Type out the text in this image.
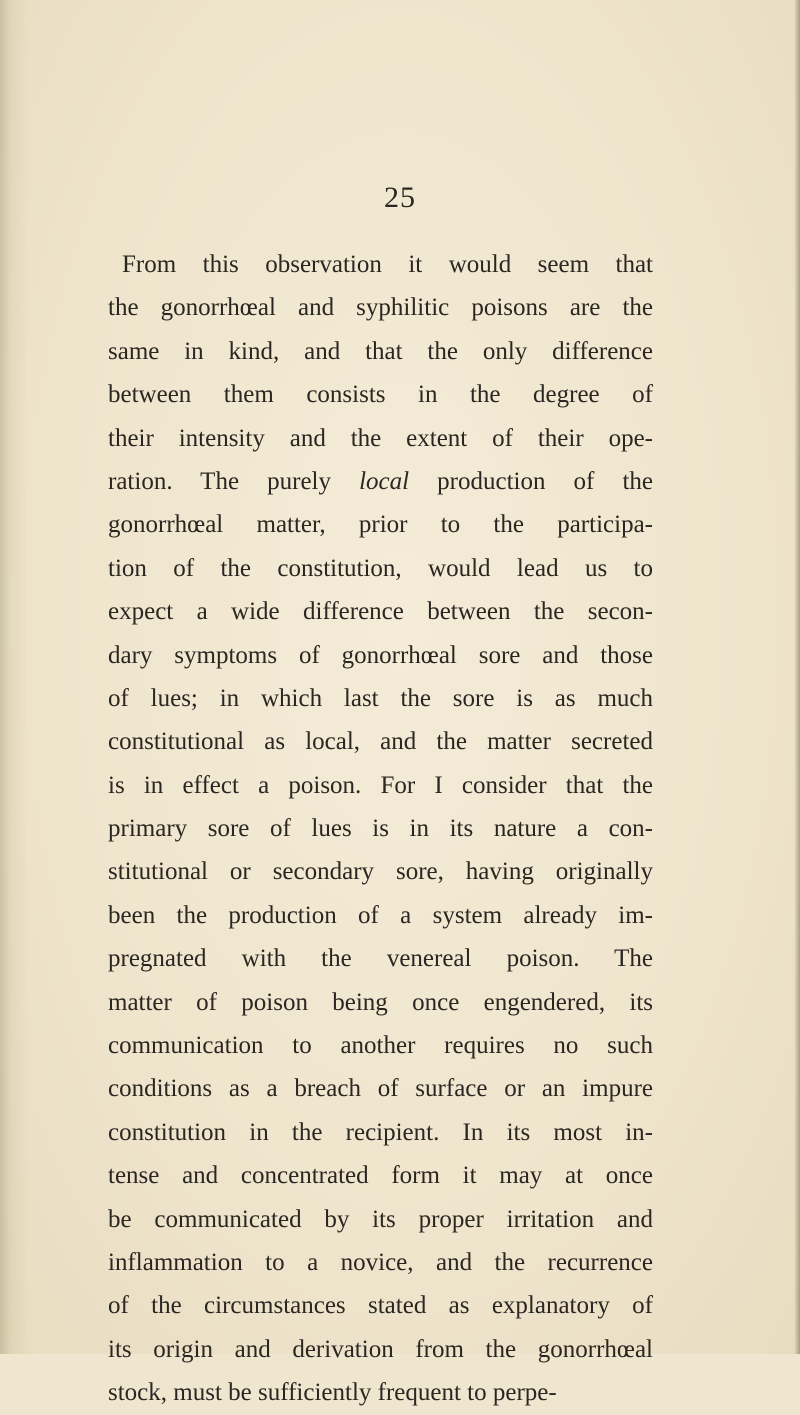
25

From this observation it would seem that
the gonorrhœal and syphilitic poisons are the
same in kind, and that the only difference
between them consists in the degree of
their intensity and the extent of their ope-
ration. The purely local production of the
gonorrhœal matter, prior to the participa-
tion of the constitution, would lead us to
expect a wide difference between the secon-
dary symptoms of gonorrhœal sore and those
of lues; in which last the sore is as much
constitutional as local, and the matter secreted
is in effect a poison. For I consider that the
primary sore of lues is in its nature a con-
stitutional or secondary sore, having originally
been the production of a system already im-
pregnated with the venereal poison. The
matter of poison being once engendered, its
communication to another requires no such
conditions as a breach of surface or an impure
constitution in the recipient. In its most in-
tense and concentrated form it may at once
be communicated by its proper irritation and
inflammation to a novice, and the recurrence
of the circumstances stated as explanatory of
its origin and derivation from the gonorrhœal
stock, must be sufficiently frequent to perpe-
